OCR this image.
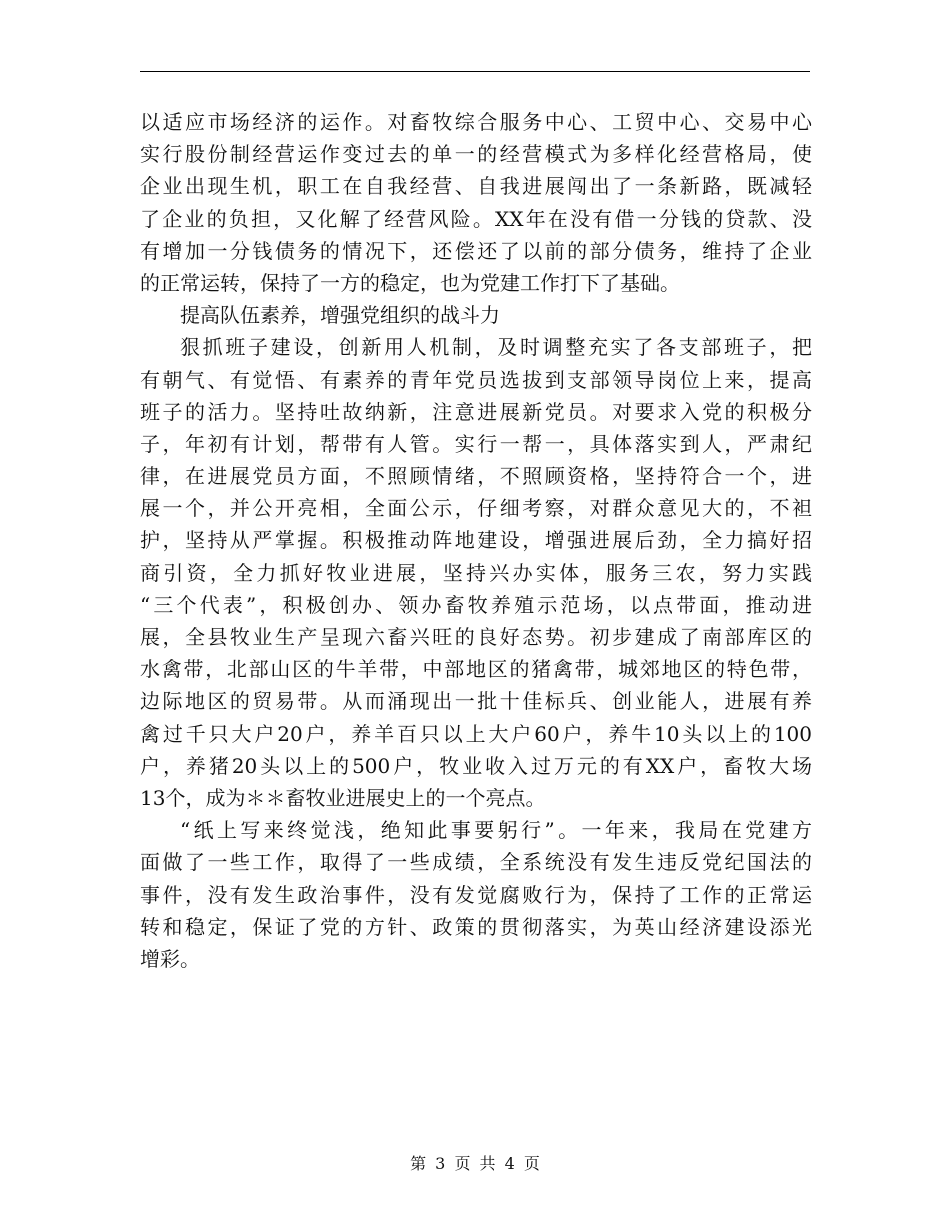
以适应市场经济的运作。对畜牧综合服务中心、工贸中心、交易中心
实行股份制经营运作变过去的单一的经营模式为多样化经营格局，使
企业出现生机，职工在自我经营、自我进展闯出了一条新路，既减轻
了企业的负担，又化解了经营风险。XX年在没有借一分钱的贷款、没
有增加一分钱债务的情况下，还偿还了以前的部分债务，维持了企业
的正常运转，保持了一方的稳定，也为党建工作打下了基础。
提高队伍素养，增强党组织的战斗力
狠抓班子建设，创新用人机制，及时调整充实了各支部班子，把
有朝气、有觉悟、有素养的青年党员选拔到支部领导岗位上来，提高
班子的活力。坚持吐故纳新，注意进展新党员。对要求入党的积极分
子，年初有计划，帮带有人管。实行一帮一，具体落实到人，严肃纪
律，在进展党员方面，不照顾情绪，不照顾资格，坚持符合一个，进
展一个，并公开亮相，全面公示，仔细考察，对群众意见大的，不袒
护，坚持从严掌握。积极推动阵地建设，增强进展后劲，全力搞好招
商引资，全力抓好牧业进展，坚持兴办实体，服务三农，努力实践
“三个代表”，积极创办、领办畜牧养殖示范场，以点带面，推动进
展，全县牧业生产呈现六畜兴旺的良好态势。初步建成了南部库区的
水禽带，北部山区的牛羊带，中部地区的猪禽带，城郊地区的特色带，
边际地区的贸易带。从而涌现出一批十佳标兵、创业能人，进展有养
禽过千只大户20户，养羊百只以上大户60户，养牛10头以上的100
户，养猪20头以上的500户，牧业收入过万元的有XX户，畜牧大场
13个，成为＊＊畜牧业进展史上的一个亮点。
“纸上写来终觉浅，绝知此事要躬行”。一年来，我局在党建方
面做了一些工作，取得了一些成绩，全系统没有发生违反党纪国法的
事件，没有发生政治事件，没有发觉腐败行为，保持了工作的正常运
转和稳定，保证了党的方针、政策的贯彻落实，为英山经济建设添光
增彩。
第 3 页 共 4 页
